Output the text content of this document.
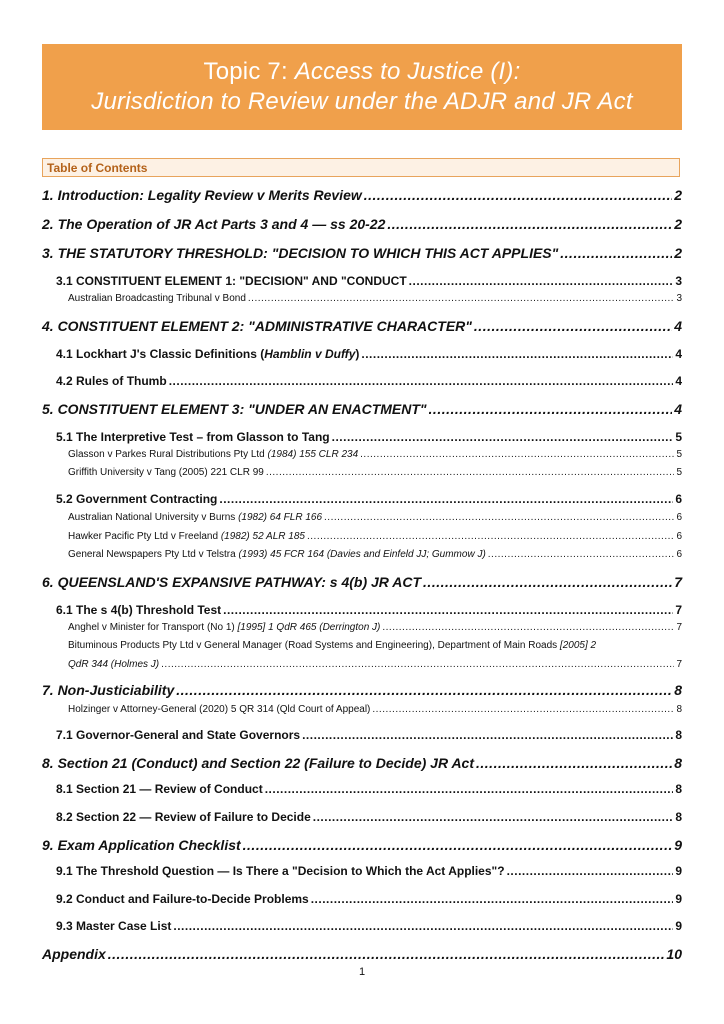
Topic 7: Access to Justice (I):
Jurisdiction to Review under the ADJR and JR Act
Table of Contents
1. Introduction: Legality Review v Merits Review .....	2
2. The Operation of JR Act Parts 3 and 4 — ss 20-22 .....	2
3. THE STATUTORY THRESHOLD: "DECISION TO WHICH THIS ACT APPLIES" .....	2
3.1 CONSTITUENT ELEMENT 1: "DECISION" AND "CONDUCT .....	3
Australian Broadcasting Tribunal v Bond .....	3
4. CONSTITUENT ELEMENT 2: "ADMINISTRATIVE CHARACTER" .....	4
4.1 Lockhart J's Classic Definitions (Hamblin v Duffy) .....	4
4.2 Rules of Thumb .....	4
5. CONSTITUENT ELEMENT 3: "UNDER AN ENACTMENT" .....	4
5.1 The Interpretive Test – from Glasson to Tang .....	5
Glasson v Parkes Rural Distributions Pty Ltd (1984) 155 CLR 234 .....	5
Griffith University v Tang (2005) 221 CLR 99 .....	5
5.2 Government Contracting .....	6
Australian National University v Burns (1982) 64 FLR 166 .....	6
Hawker Pacific Pty Ltd v Freeland (1982) 52 ALR 185 .....	6
General Newspapers Pty Ltd v Telstra (1993) 45 FCR 164 (Davies and Einfeld JJ; Gummow J) .....	6
6. QUEENSLAND'S EXPANSIVE PATHWAY: s 4(b) JR ACT .....	7
6.1 The s 4(b) Threshold Test .....	7
Anghel v Minister for Transport (No 1) [1995] 1 QdR 465 (Derrington J) .....	7
Bituminous Products Pty Ltd v General Manager (Road Systems and Engineering), Department of Main Roads [2005] 2
QdR 344 (Holmes J) .....	7
7. Non-Justiciability .....	8
Holzinger v Attorney-General (2020) 5 QR 314 (Qld Court of Appeal) .....	8
7.1 Governor-General and State Governors .....	8
8. Section 21 (Conduct) and Section 22 (Failure to Decide) JR Act .....	8
8.1 Section 21 — Review of Conduct .....	8
8.2 Section 22 — Review of Failure to Decide .....	8
9. Exam Application Checklist .....	9
9.1 The Threshold Question — Is There a "Decision to Which the Act Applies"? .....	9
9.2 Conduct and Failure-to-Decide Problems .....	9
9.3 Master Case List .....	9
Appendix .....	10
1
